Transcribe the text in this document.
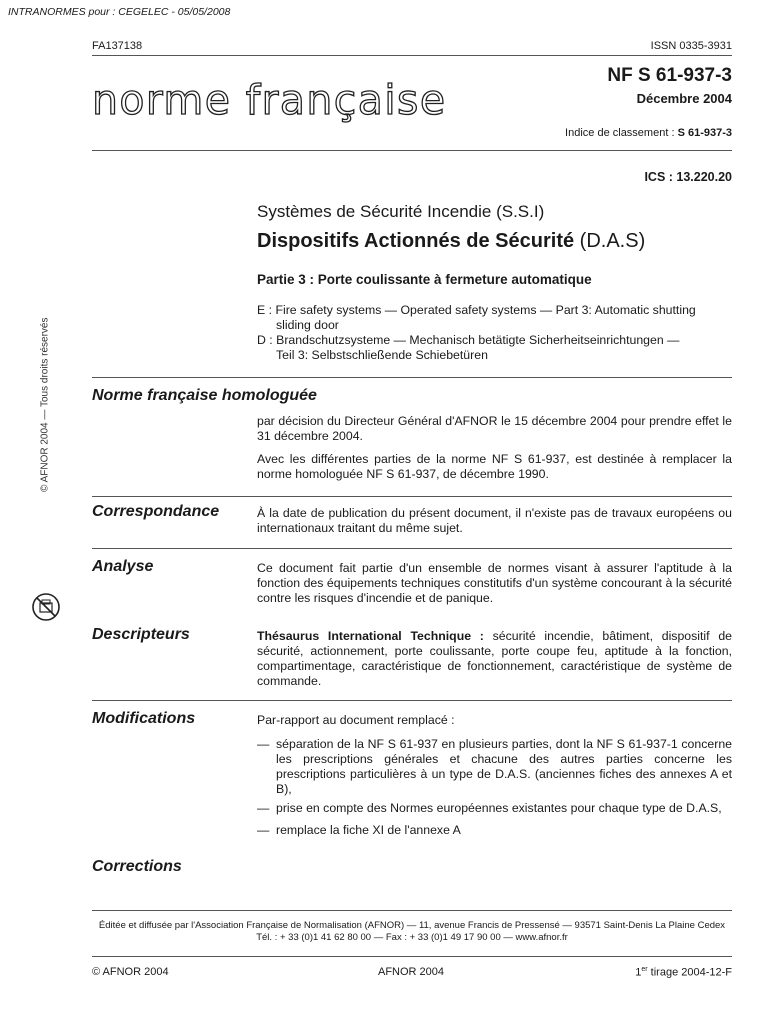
INTRANORMES pour : CEGELEC - 05/05/2008
FA137138	ISSN 0335-3931
norme française
NF S 61-937-3
Décembre 2004
Indice de classement : S 61-937-3
ICS : 13.220.20
Systèmes de Sécurité Incendie (S.S.I)
Dispositifs Actionnés de Sécurité (D.A.S)
Partie 3 : Porte coulissante à fermeture automatique
E : Fire safety systems — Operated safety systems — Part 3: Automatic shutting
sliding door
D : Brandschutzsysteme — Mechanisch betätigte Sicherheitseinrichtungen —
Teil 3: Selbstschließende Schiebetüren
© AFNOR 2004 — Tous droits réservés	Norme française homologuée
par décision du Directeur Général d'AFNOR le 15 décembre 2004 pour prendre effet le 31 décembre 2004.
Avec les différentes parties de la norme NF S 61-937, est destinée à remplacer la norme homologuée NF S 61-937, de décembre 1990.
Correspondance	À la date de publication du présent document, il n'existe pas de travaux européens ou internationaux traitant du même sujet.
Analyse	Ce document fait partie d'un ensemble de normes visant à assurer l'aptitude à la fonction des équipements techniques constitutifs d'un système concourant à la sécurité contre les risques d'incendie et de panique.
Descripteurs	Thésaurus International Technique : sécurité incendie, bâtiment, dispositif de sécurité, actionnement, porte coulissante, porte coupe feu, aptitude à la fonction, compartimentage, caractéristique de fonctionnement, caractéristique de système de commande.
Modifications	Par-rapport au document remplacé :
— séparation de la NF S 61-937 en plusieurs parties, dont la NF S 61-937-1 concerne les prescriptions générales et chacune des autres parties concerne les prescriptions particulières à un type de D.A.S. (anciennes fiches des annexes A et B),
— prise en compte des Normes européennes existantes pour chaque type de D.A.S,
— remplace la fiche XI de l'annexe A
Corrections
Éditée et diffusée par l'Association Française de Normalisation (AFNOR) — 11, avenue Francis de Pressensé — 93571 Saint-Denis La Plaine Cedex
Tél. : + 33 (0)1 41 62 80 00 — Fax : + 33 (0)1 49 17 90 00 — www.afnor.fr
© AFNOR 2004	AFNOR 2004	1er tirage 2004-12-F
